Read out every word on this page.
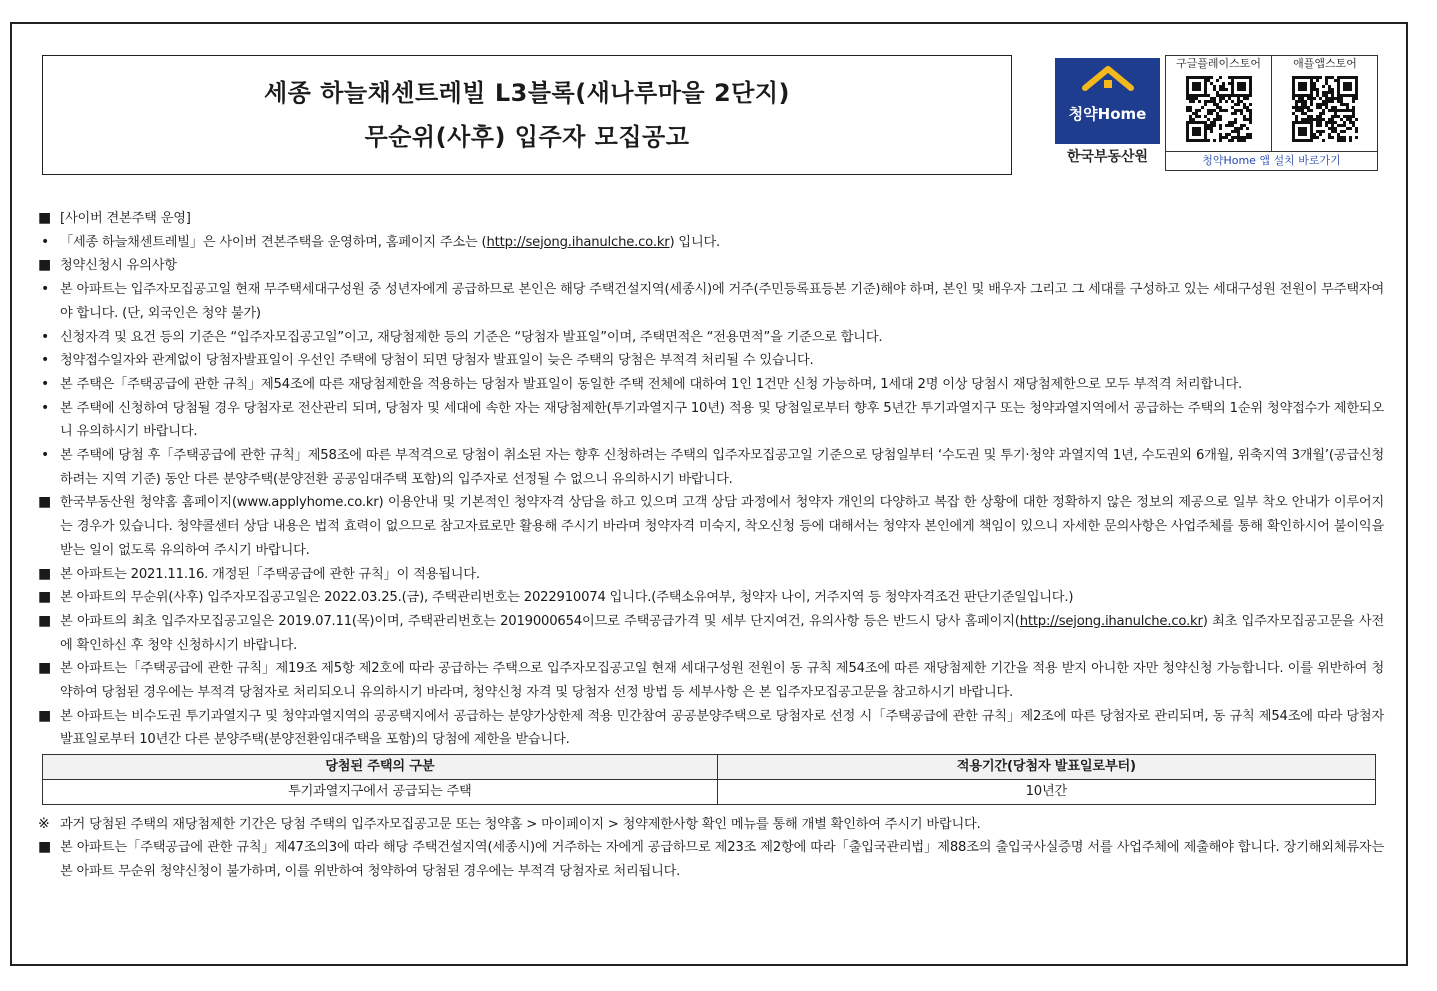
세종 하늘채센트레빌 L3블록(새나루마을 2단지)
무순위(사후) 입주자 모집공고
청약Home
한국부동산원
구글플레이스토어	애플앱스토어
청약Home 앱 설치 바로가기

■[사이버 견본주택 운영]

•「세종 하늘채센트레빌」은 사이버 견본주택을 운영하며, 홈페이지 주소는 (http://sejong.ihanulche.co.kr) 입니다.

■청약신청시 유의사항

•본 아파트는 입주자모집공고일 현재 무주택세대구성원 중 성년자에게 공급하므로 본인은 해당 주택건설지역(세종시)에 거주(주민등록표등본 기준)해야 하며, 본인 및 배우자 그리고 그 세대를 구성하고 있는 세대구성원 전원이 무주택자여야 합니다. (단, 외국인은 청약 불가)

•신청자격 및 요건 등의 기준은 “입주자모집공고일”이고, 재당첨제한 등의 기준은 “당첨자 발표일”이며, 주택면적은 “전용면적”을 기준으로 합니다.

•청약접수일자와 관계없이 당첨자발표일이 우선인 주택에 당첨이 되면 당첨자 발표일이 늦은 주택의 당첨은 부적격 처리될 수 있습니다.

•본 주택은「주택공급에 관한 규칙」제54조에 따른 재당첨제한을 적용하는 당첨자 발표일이 동일한 주택 전체에 대하여 1인 1건만 신청 가능하며, 1세대 2명 이상 당첨시 재당첨제한으로 모두 부적격 처리합니다.

•본 주택에 신청하여 당첨될 경우 당첨자로 전산관리 되며, 당첨자 및 세대에 속한 자는 재당첨제한(투기과열지구 10년) 적용 및 당첨일로부터 향후 5년간 투기과열지구 또는 청약과열지역에서 공급하는 주택의 1순위 청약접수가 제한되오니 유의하시기 바랍니다.

•본 주택에 당첨 후「주택공급에 관한 규칙」제58조에 따른 부적격으로 당첨이 취소된 자는 향후 신청하려는 주택의 입주자모집공고일 기준으로 당첨일부터 ‘수도권 및 투기·청약 과열지역 1년, 수도권외 6개월, 위축지역 3개월’(공급신청하려는 지역 기준) 동안 다른 분양주택(분양전환 공공임대주택 포함)의 입주자로 선정될 수 없으니 유의하시기 바랍니다.

■한국부동산원 청약홈 홈페이지(www.applyhome.co.kr) 이용안내 및 기본적인 청약자격 상담을 하고 있으며 고객 상담 과정에서 청약자 개인의 다양하고 복잡 한 상황에 대한 정확하지 않은 정보의 제공으로 일부 착오 안내가 이루어지는 경우가 있습니다. 청약콜센터 상담 내용은 법적 효력이 없으므로 참고자료로만 활용해 주시기 바라며 청약자격 미숙지, 착오신청 등에 대해서는 청약자 본인에게 책임이 있으니 자세한 문의사항은 사업주체를 통해 확인하시어 불이익을 받는 일이 없도록 유의하여 주시기 바랍니다.

■본 아파트는 2021.11.16. 개정된「주택공급에 관한 규칙」이 적용됩니다.

■본 아파트의 무순위(사후) 입주자모집공고일은 2022.03.25.(금), 주택관리번호는 2022910074 입니다.(주택소유여부, 청약자 나이, 거주지역 등 청약자격조건 판단기준일입니다.)

■본 아파트의 최초 입주자모집공고일은 2019.07.11(목)이며, 주택관리번호는 2019000654이므로 주택공급가격 및 세부 단지여건, 유의사항 등은 반드시 당사 홈페이지(http://sejong.ihanulche.co.kr) 최초 입주자모집공고문을 사전에 확인하신 후 청약 신청하시기 바랍니다.

■본 아파트는「주택공급에 관한 규칙」제19조 제5항 제2호에 따라 공급하는 주택으로 입주자모집공고일 현재 세대구성원 전원이 동 규칙 제54조에 따른 재당첨제한 기간을 적용 받지 아니한 자만 청약신청 가능합니다. 이를 위반하여 청약하여 당첨된 경우에는 부적격 당첨자로 처리되오니 유의하시기 바라며, 청약신청 자격 및 당첨자 선정 방법 등 세부사항 은 본 입주자모집공고문을 참고하시기 바랍니다.

■본 아파트는 비수도권 투기과열지구 및 청약과열지역의 공공택지에서 공급하는 분양가상한제 적용 민간참여 공공분양주택으로 당첨자로 선정 시「주택공급에 관한 규칙」제2조에 따른 당첨자로 관리되며, 동 규칙 제54조에 따라 당첨자 발표일로부터 10년간 다른 분양주택(분양전환임대주택을 포함)의 당첨에 제한을 받습니다.

당첨된 주택의 구분	적용기간(당첨자 발표일로부터)
투기과열지구에서 공급되는 주택	10년간

※과거 당첨된 주택의 재당첨제한 기간은 당첨 주택의 입주자모집공고문 또는 청약홈 > 마이페이지 > 청약제한사항 확인 메뉴를 통해 개별 확인하여 주시기 바랍니다.

■본 아파트는「주택공급에 관한 규칙」제47조의3에 따라 해당 주택건설지역(세종시)에 거주하는 자에게 공급하므로 제23조 제2항에 따라「출입국관리법」제88조의 출입국사실증명 서를 사업주체에 제출해야 합니다. 장기해외체류자는 본 아파트 무순위 청약신청이 불가하며, 이를 위반하여 청약하여 당첨된 경우에는 부적격 당첨자로 처리됩니다.
